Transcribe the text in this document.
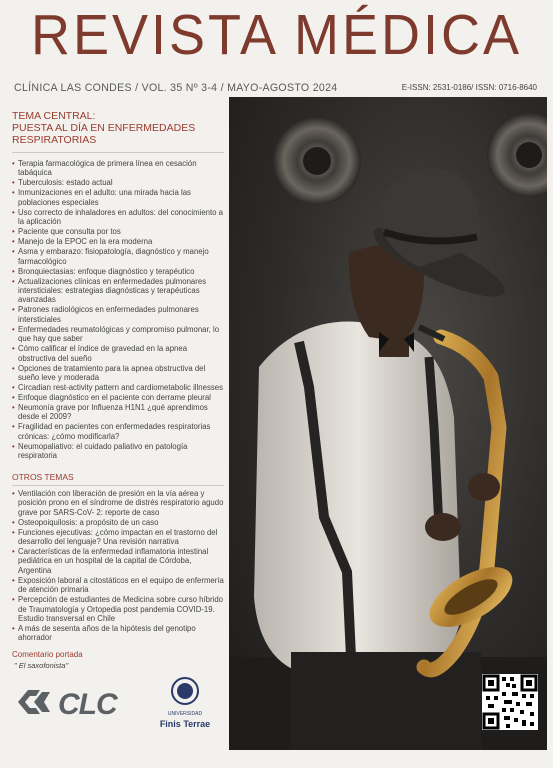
REVISTA MÉDICA
CLÍNICA LAS CONDES / VOL. 35 Nº 3-4 / MAYO-AGOSTO 2024	E-ISSN: 2531-0186/ ISSN: 0716-8640
TEMA CENTRAL:
PUESTA AL DÍA EN ENFERMEDADES
RESPIRATORIAS
• Terapia farmacológica de primera línea en cesación tabáquica
• Tuberculosis: estado actual
• Inmunizaciones en el adulto: una mirada hacia las poblaciones especiales
• Uso correcto de inhaladores en adultos: del conocimiento a la aplicación
• Paciente que consulta por tos
• Manejo de la EPOC en la era moderna
• Asma y embarazo: fisiopatología, diagnóstico y manejo farmacológico
• Bronquiectasias: enfoque diagnóstico y terapéutico
• Actualizaciones clínicas en enfermedades pulmonares intersticiales: estrategias diagnósticas y terapéuticas avanzadas
• Patrones radiológicos en enfermedades pulmonares intersticiales
• Enfermedades reumatológicas y compromiso pulmonar, lo que hay que saber
• Cómo calificar el índice de gravedad en la apnea obstructiva del sueño
• Opciones de tratamiento para la apnea obstructiva del sueño leve y moderada
• Circadian rest-activity pattern and cardiometabolic illnesses
• Enfoque diagnóstico en el paciente con derrame pleural
• Neumonía grave por Influenza H1N1 ¿qué aprendimos desde el 2009?
• Fragilidad en pacientes con enfermedades respiratorias crónicas: ¿cómo modificarla?
• Neumopaliativo: el cuidado paliativo en patología respiratoria
OTROS TEMAS
• Ventilación con liberación de presión en la vía aérea y posición prono en el síndrome de distrés respiratorio agudo grave por SARS-CoV- 2: reporte de caso
• Osteopoiquilosis: a propósito de un caso
• Funciones ejecutivas: ¿cómo impactan en el trastorno del desarrollo del lenguaje? Una revisión narrativa
• Características de la enfermedad inflamatoria intestinal pediátrica en un hospital de la capital de Córdoba, Argentina
• Exposición laboral a citostáticos en el equipo de enfermería de atención primaria
• Percepción de estudiantes de Medicina sobre curso híbrido de Traumatología y Ortopedia post pandemia COVID-19. Estudio transversal en Chile
• A más de sesenta años de la hipótesis del genotipo ahorrador
Comentario portada
" El saxofonista"
CLC	UNIVERSIDAD
Finis Terrae
